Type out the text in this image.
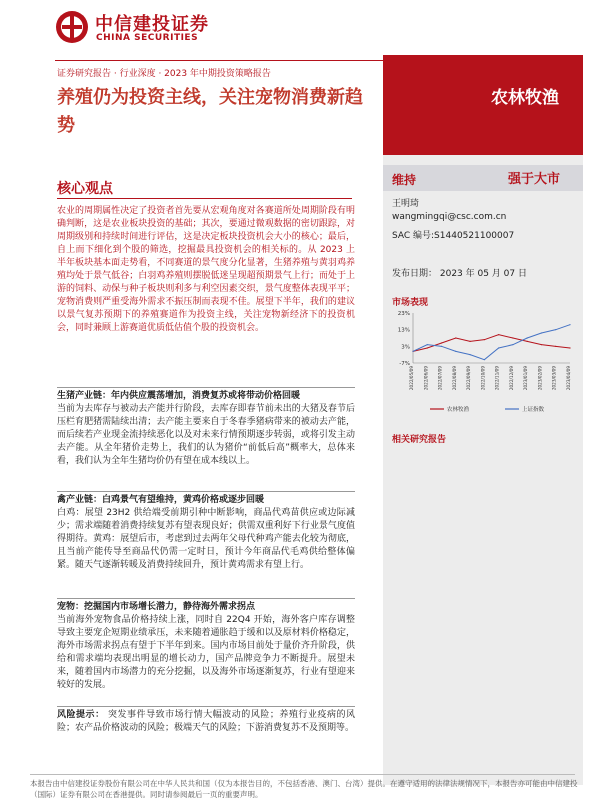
中信建投证券
CHINA SECURITIES
证券研究报告 · 行业深度 · 2023 年中期投资策略报告
养殖仍为投资主线，关注宠物消费新趋势
农林牧渔
维持	强于大市
王明琦
wangmingqi@csc.com.cn
SAC 编号:S1440521100007
发布日期： 2023 年 05 月 07 日
市场表现
23%
13%
3%
-7%
2022/05/09 2022/06/09 2022/07/09 2022/08/09 2022/09/09 2022/10/09 2022/11/09 2022/12/09 2023/01/09 2023/02/09 2023/03/09 2023/04/09
农林牧渔	上证指数
相关研究报告
核心观点
农业的周期属性决定了投资者首先要从宏观角度对各赛道所处周期阶段有明确判断，这是农业板块投资的基础；其次，要通过微观数据的密切跟踪，对周期级别和持续时间进行评估，这是决定板块投资机会大小的核心；最后，自上而下细化到个股的筛选，挖掘最具投资机会的相关标的。从 2023 上半年板块基本面走势看，不同赛道的景气度分化显著，生猪养殖与黄羽鸡养殖均处于景气低谷；白羽鸡养殖则摆脱低迷呈现超预期景气上行；而处于上游的饲料、动保与种子板块则利多与利空因素交织，景气度整体表现平平；宠物消费则严重受海外需求不振压制而表现不佳。展望下半年，我们的建议以景气复苏预期下的养殖赛道作为投资主线，关注宠物新经济下的投资机会，同时兼顾上游赛道优质低估值个股的投资机会。
生猪产业链：年内供应震荡增加，消费复苏或将带动价格回暖
当前为去库存与被动去产能并行阶段，去库存即春节前未出的大猪及春节后压栏育肥猪需陆续出清；去产能主要来自于冬春季猪病带来的被动去产能，而后续若产业现金流持续恶化以及对未来行情预期逐步转弱，或将引发主动去产能。从全年猪价走势上，我们的认为猪价“前低后高”概率大，总体来看，我们认为全年生猪均价仍有望在成本线以上。
禽产业链：白鸡景气有望维持，黄鸡价格或逐步回暖
白鸡：展望 23H2 供给端受前期引种中断影响，商品代鸡苗供应或边际减少；需求端随着消费持续复苏有望表现良好；供需双重利好下行业景气度值得期待。黄鸡：展望后市，考虑到过去两年父母代种鸡产能去化较为彻底，且当前产能传导至商品代仍需一定时日，预计今年商品代毛鸡供给整体偏紧。随天气逐渐转暖及消费持续回升，预计黄鸡需求有望上行。
宠物：挖掘国内市场增长潜力，静待海外需求拐点
当前海外宠物食品价格持续上涨，同时自 22Q4 开始，海外客户库存调整导致主要宠企短期业绩承压，未来随着通胀趋于缓和以及原材料价格稳定，海外市场需求拐点有望于下半年到来。国内市场目前处于量价齐升阶段，供给和需求端均表现出明显的增长动力，国产品牌竞争力不断提升。展望未来，随着国内市场潜力的充分挖掘，以及海外市场逐渐复苏，行业有望迎来较好的发展。
风险提示： 突发事件导致市场行情大幅波动的风险；养殖行业疫病的风险；农产品价格波动的风险；极端天气的风险；下游消费复苏不及预期等。
本报告由中信建投证券股份有限公司在中华人民共和国（仅为本报告目的，不包括香港、澳门、台湾）提供。在遵守适用的法律法规情况下，本报告亦可能由中信建投（国际）证券有限公司在香港提供。同时请参阅最后一页的重要声明。
